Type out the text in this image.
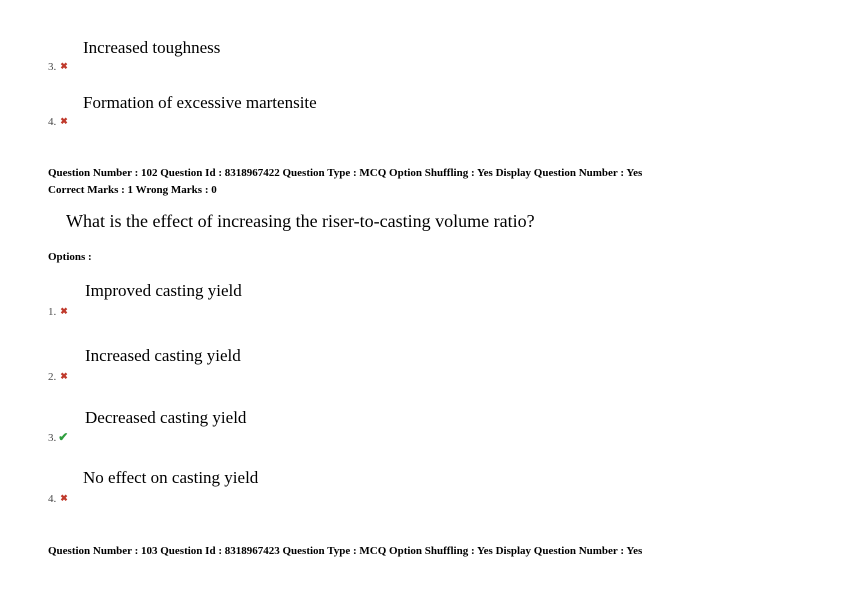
Increased toughness
3. ✖
Formation of excessive martensite
4. ✖
Question Number : 102 Question Id : 8318967422 Question Type : MCQ Option Shuffling : Yes Display Question Number : Yes
Correct Marks : 1 Wrong Marks : 0
What is the effect of increasing the riser-to-casting volume ratio?
Options :
Improved casting yield
1. ✖
Increased casting yield
2. ✖
Decreased casting yield
3. ✔
No effect on casting yield
4. ✖
Question Number : 103 Question Id : 8318967423 Question Type : MCQ Option Shuffling : Yes Display Question Number : Yes
